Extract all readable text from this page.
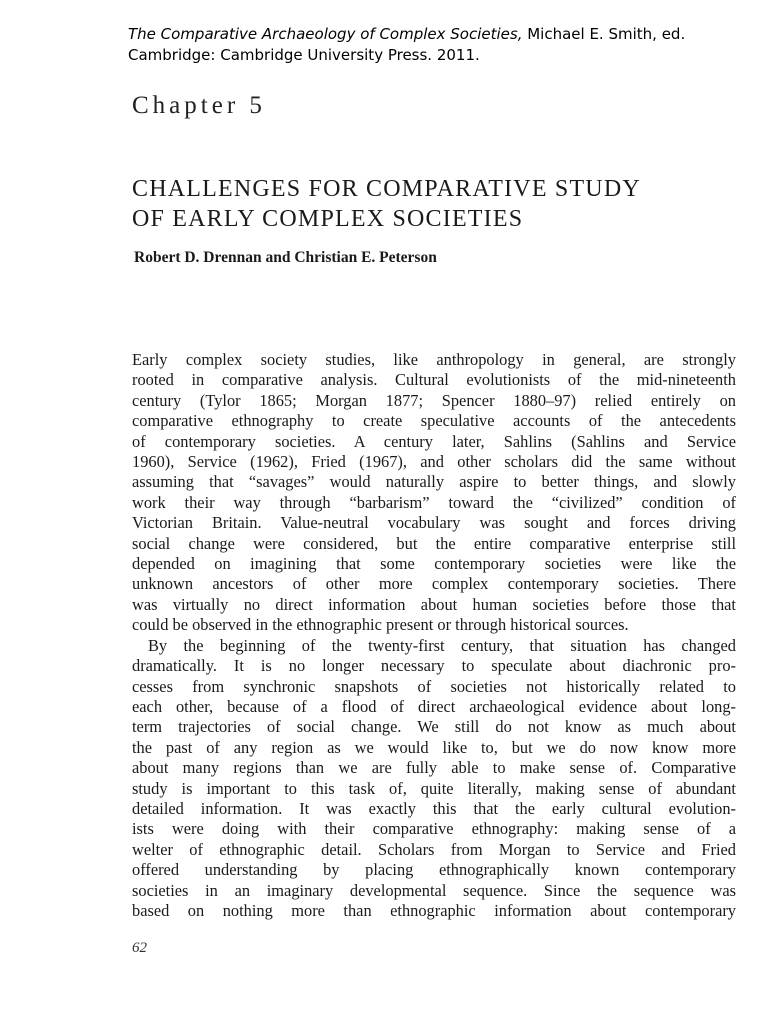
The Comparative Archaeology of Complex Societies, Michael E. Smith, ed. Cambridge: Cambridge University Press. 2011.
Chapter 5
CHALLENGES FOR COMPARATIVE STUDY
OF EARLY COMPLEX SOCIETIES
Robert D. Drennan and Christian E. Peterson
Early complex society studies, like anthropology in general, are strongly
rooted in comparative analysis. Cultural evolutionists of the mid-nineteenth
century (Tylor 1865; Morgan 1877; Spencer 1880–97) relied entirely on
comparative ethnography to create speculative accounts of the antecedents
of contemporary societies. A century later, Sahlins (Sahlins and Service
1960), Service (1962), Fried (1967), and other scholars did the same without
assuming that “savages” would naturally aspire to better things, and slowly
work their way through “barbarism” toward the “civilized” condition of
Victorian Britain. Value-neutral vocabulary was sought and forces driving
social change were considered, but the entire comparative enterprise still
depended on imagining that some contemporary societies were like the
unknown ancestors of other more complex contemporary societies. There
was virtually no direct information about human societies before those that
could be observed in the ethnographic present or through historical sources.
By the beginning of the twenty-first century, that situation has changed
dramatically. It is no longer necessary to speculate about diachronic pro-
cesses from synchronic snapshots of societies not historically related to
each other, because of a flood of direct archaeological evidence about long-
term trajectories of social change. We still do not know as much about
the past of any region as we would like to, but we do now know more
about many regions than we are fully able to make sense of. Comparative
study is important to this task of, quite literally, making sense of abundant
detailed information. It was exactly this that the early cultural evolution-
ists were doing with their comparative ethnography: making sense of a
welter of ethnographic detail. Scholars from Morgan to Service and Fried
offered understanding by placing ethnographically known contemporary
societies in an imaginary developmental sequence. Since the sequence was
based on nothing more than ethnographic information about contemporary
62
